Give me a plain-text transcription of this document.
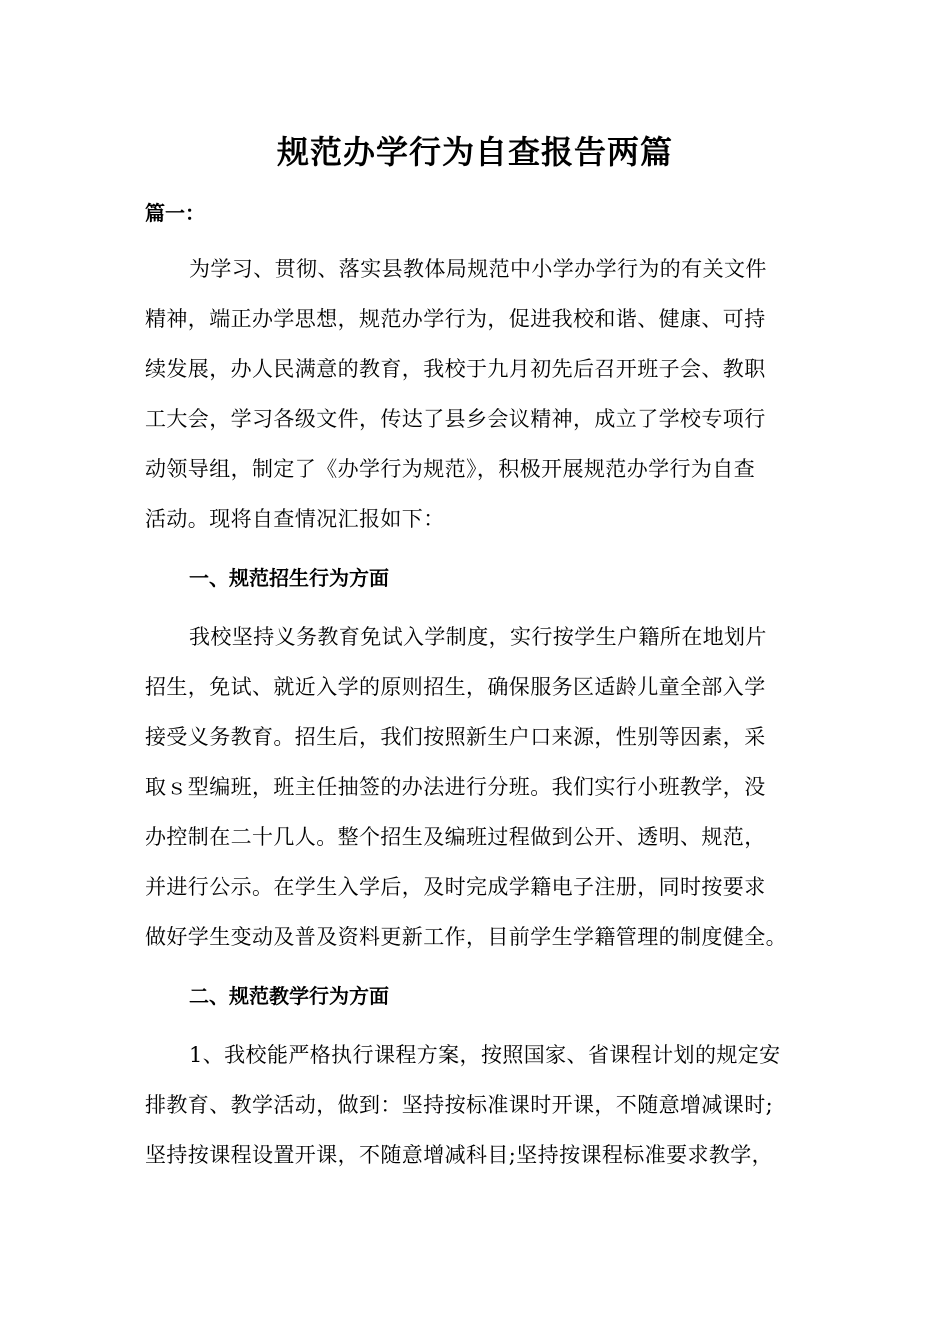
规范办学行为自查报告两篇
篇一：
为学习、贯彻、落实县教体局规范中小学办学行为的有关文件
精神，端正办学思想，规范办学行为，促进我校和谐、健康、可持
续发展，办人民满意的教育，我校于九月初先后召开班子会、教职
工大会，学习各级文件，传达了县乡会议精神，成立了学校专项行
动领导组，制定了《办学行为规范》，积极开展规范办学行为自查
活动。现将自查情况汇报如下：
一、规范招生行为方面
我校坚持义务教育免试入学制度，实行按学生户籍所在地划片
招生，免试、就近入学的原则招生，确保服务区适龄儿童全部入学
接受义务教育。招生后，我们按照新生户口来源，性别等因素，采
取ｓ型编班，班主任抽签的办法进行分班。我们实行小班教学，没
办控制在二十几人。整个招生及编班过程做到公开、透明、规范，
并进行公示。在学生入学后，及时完成学籍电子注册，同时按要求
做好学生变动及普及资料更新工作，目前学生学籍管理的制度健全。
二、规范教学行为方面
1、我校能严格执行课程方案，按照国家、省课程计划的规定安
排教育、教学活动，做到：坚持按标准课时开课，不随意增减课时;
坚持按课程设置开课，不随意增减科目;坚持按课程标准要求教学，
